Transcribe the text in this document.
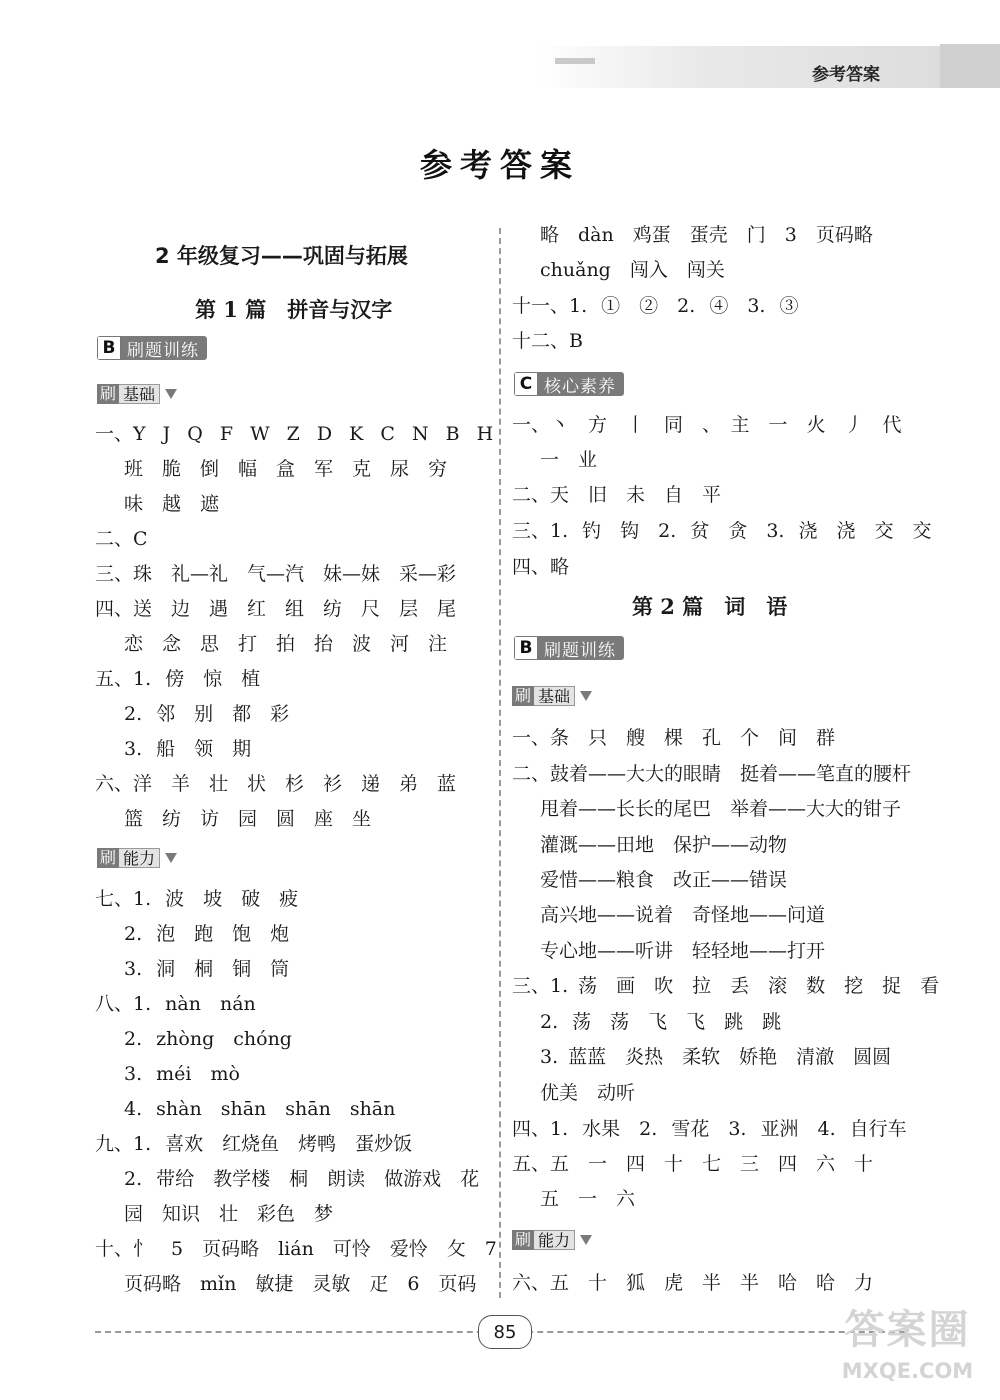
参考答案
参考答案
2 年级复习——巩固与拓展
第 1 篇　拼音与汉字
B 刷题训练
刷 基础
一、Y J Q F W Z D K C N B H
班　脆　倒　幅　盒　军　克　尿　穷
味　越　遮
二、C
三、珠　礼—礼　气—汽　妹—妹　采—彩
四、送　边　遇　红　组　纺　尺　层　尾
恋　念　思　打　拍　抬　波　河　注
五、1. 傍　惊　植
2. 邻　别　都　彩
3. 船　领　期
六、洋　羊　壮　状　杉　衫　递　弟　蓝
篮　纺　访　园　圆　座　坐
刷 能力
七、1. 波　坡　破　疲
2. 泡　跑　饱　炮
3. 洞　桐　铜　筒
八、1. nàn　nán
2. zhòng　chóng
3. méi　mò
4. shàn　shān　shān　shān
九、1. 喜欢　红烧鱼　烤鸭　蛋炒饭
2. 带给　教学楼　桐　朗读　做游戏　花
园　知识　壮　彩色　梦
十、忄　5　页码略　lián　可怜　爱怜　攵　7
页码略　mǐn　敏捷　灵敏　疋　6　页码
略　dàn　鸡蛋　蛋壳　门　3　页码略
chuǎng　闯入　闯关
十一、1. ①　②　2. ④　3. ③
十二、B
C 核心素养
一、丶　方　丨　同　、　主　一　火　丿　代
一　业
二、天　旧　未　自　平
三、1. 钓　钩　2. 贫　贪　3. 浇　浇　交　交
四、略
第 2 篇　词　语
B 刷题训练
刷 基础
一、条　只　艘　棵　孔　个　间　群
二、鼓着——大大的眼睛　挺着——笔直的腰杆
甩着——长长的尾巴　举着——大大的钳子
灌溉——田地　保护——动物
爱惜——粮食　改正——错误
高兴地——说着　奇怪地——问道
专心地——听讲　轻轻地——打开
三、1. 荡　画　吹　拉　丢　滚　数　挖　捉　看
2. 荡　荡　飞　飞　跳　跳
3. 蓝蓝　炎热　柔软　娇艳　清澈　圆圆
优美　动听
四、1. 水果　2. 雪花　3. 亚洲　4. 自行车
五、五　一　四　十　七　三　四　六　十
五　一　六
刷 能力
六、五　十　狐　虎　半　半　哈　哈　力
85	答案圈
MXQE.COM
